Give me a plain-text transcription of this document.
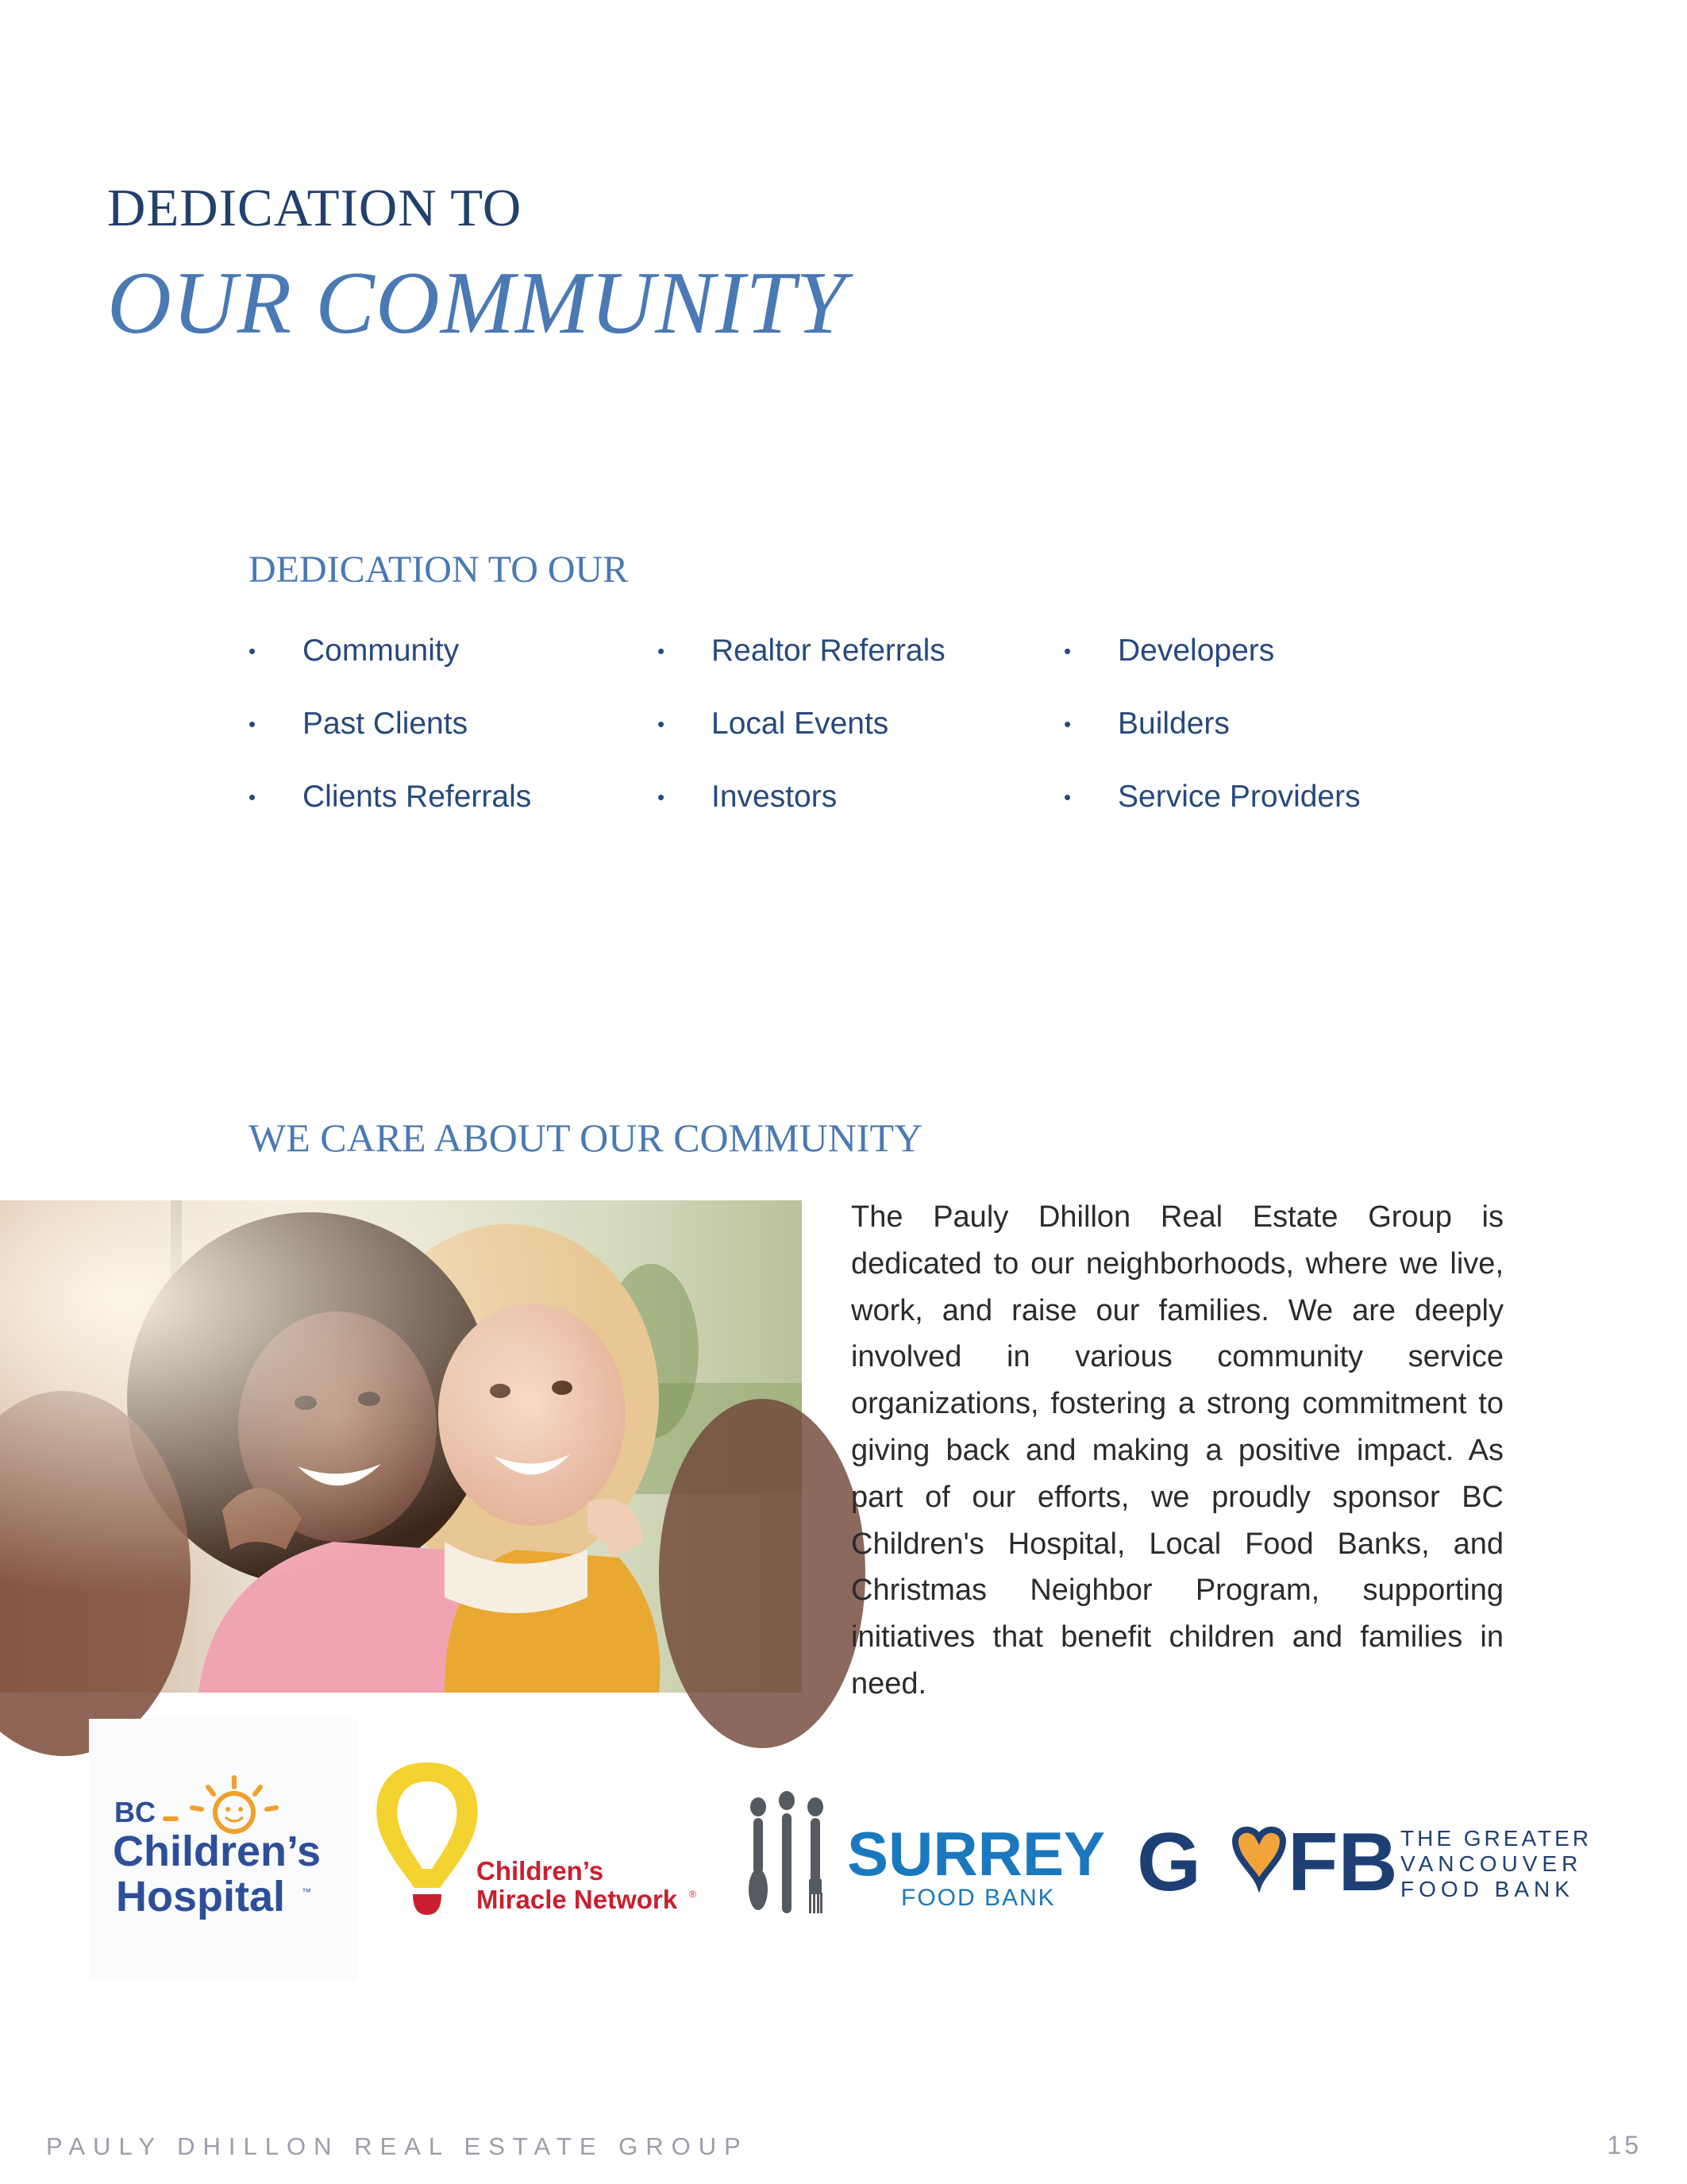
DEDICATION TO
OUR COMMUNITY
DEDICATION TO OUR
• Community
• Past Clients
• Clients Referrals
• Realtor Referrals
• Local Events
• Investors
• Developers
• Builders
• Service Providers
WE CARE ABOUT OUR COMMUNITY

The Pauly Dhillon Real Estate Group is dedicated to our neighborhoods, where we live, work, and raise our families. We are deeply involved in various community service organizations, fostering a strong commitment to giving back and making a positive impact. As part of our efforts, we proudly sponsor BC Children's Hospital, Local Food Banks, and Christmas Neighbor Program, supporting initiatives that benefit children and families in need.

BC
Children’s
Hospital ™
Children’s
Miracle Network ®
SURREY
FOOD BANK G FB THE GREATER
VANCOUVER
FOOD BANK
PAULY DHILLON REAL ESTATE GROUP	15
